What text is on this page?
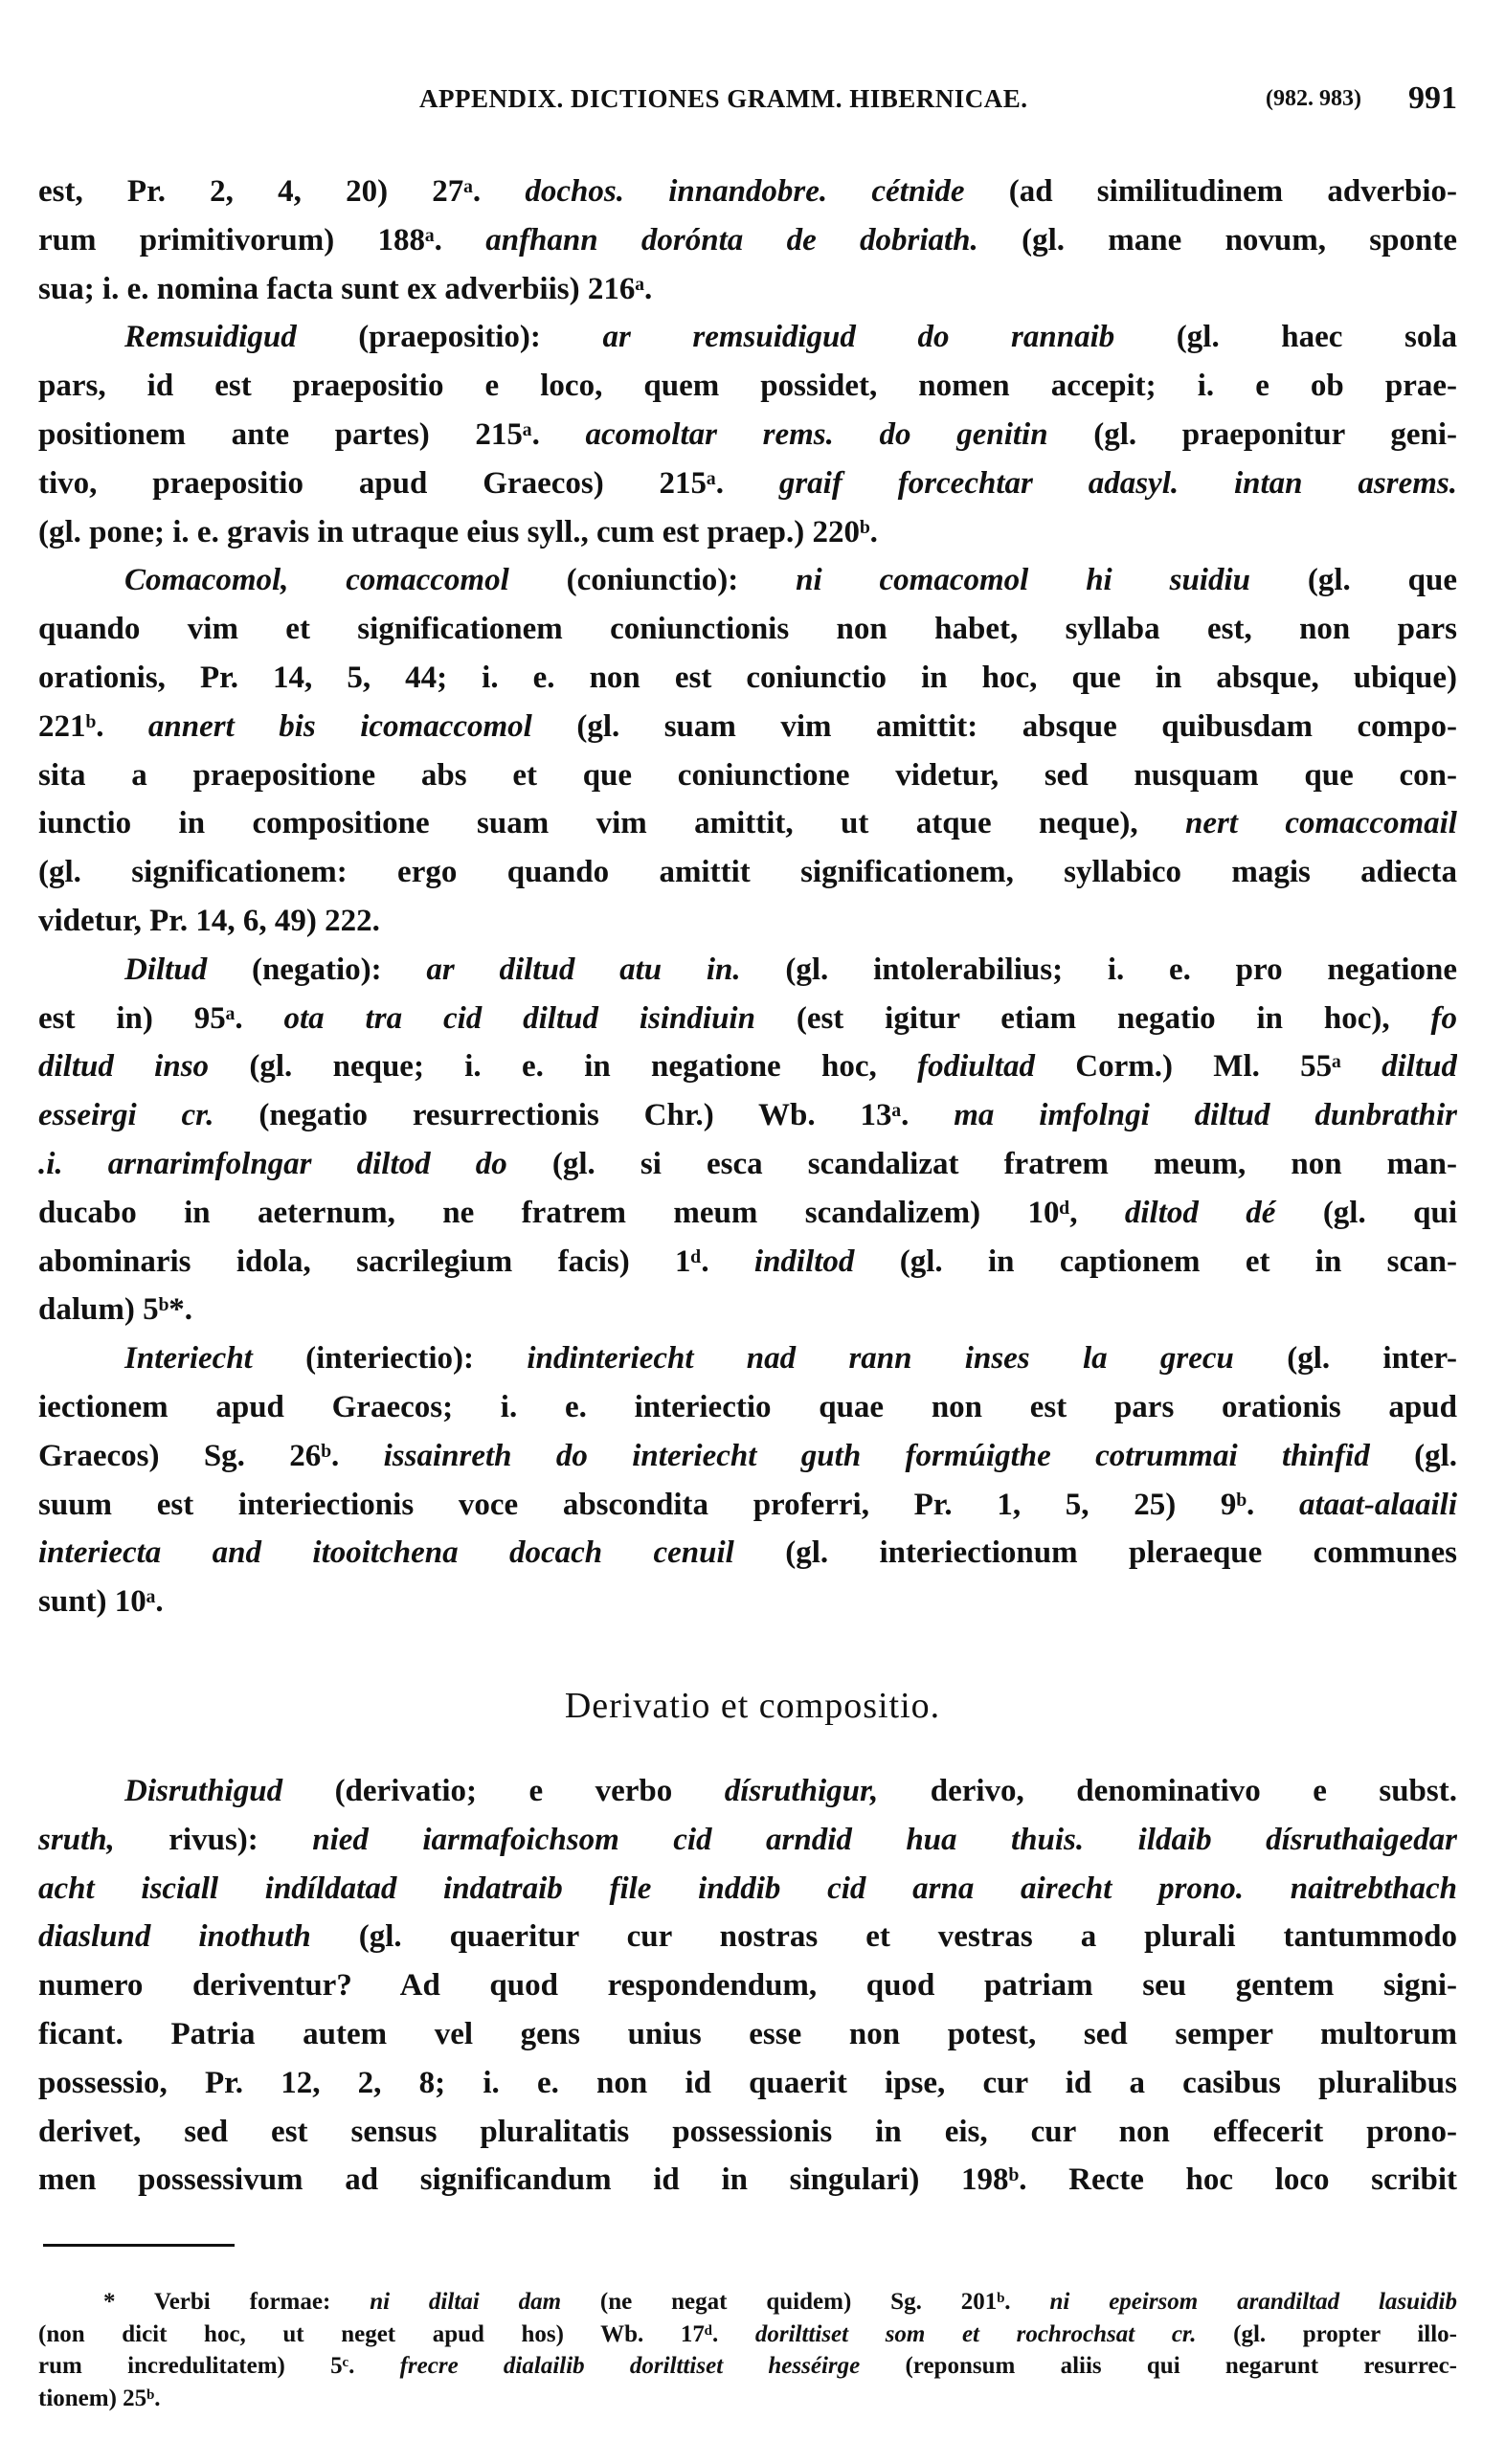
APPENDIX. DICTIONES GRAMM. HIBERNICAE.	(982. 983) 991
est, Pr. 2, 4, 20) 27ᵃ. dochos. innandobre. cétnide (ad similitudinem adverbio-
rum primitivorum) 188ᵃ. anfhann dorónta de dobriath. (gl. mane novum, sponte
sua; i. e. nomina facta sunt ex adverbiis) 216ᵃ.
Remsuidigud (praepositio): ar remsuidigud do rannaib (gl. haec sola
pars, id est praepositio e loco, quem possidet, nomen accepit; i. e ob prae-
positionem ante partes) 215ᵃ. acomoltar rems. do genitin (gl. praeponitur geni-
tivo, praepositio apud Graecos) 215ᵃ. graif forcechtar adasyl. intan asrems.
(gl. pone; i. e. gravis in utraque eius syll., cum est praep.) 220ᵇ.
Comacomol, comaccomol (coniunctio): ni comacomol hi suidiu (gl. que
quando vim et significationem coniunctionis non habet, syllaba est, non pars
orationis, Pr. 14, 5, 44; i. e. non est coniunctio in hoc, que in absque, ubique)
221ᵇ. annert bis icomaccomol (gl. suam vim amittit: absque quibusdam compo-
sita a praepositione abs et que coniunctione videtur, sed nusquam que con-
iunctio in compositione suam vim amittit, ut atque neque), nert comaccomail
(gl. significationem: ergo quando amittit significationem, syllabico magis adiecta
videtur, Pr. 14, 6, 49) 222.
Diltud (negatio): ar diltud atu in. (gl. intolerabilius; i. e. pro negatione
est in) 95ᵃ. ota tra cid diltud isindiuin (est igitur etiam negatio in hoc), fo
diltud inso (gl. neque; i. e. in negatione hoc, fodiultad Corm.) Ml. 55ᵃ diltud
esseirgi cr. (negatio resurrectionis Chr.) Wb. 13ᵃ. ma imfolngi diltud dunbrathir
.i. arnarimfolngar diltod do (gl. si esca scandalizat fratrem meum, non man-
ducabo in aeternum, ne fratrem meum scandalizem) 10ᵈ, diltod dé (gl. qui
abominaris idola, sacrilegium facis) 1ᵈ. indiltod (gl. in captionem et in scan-
dalum) 5ᵇ*.
Interiecht (interiectio): indinteriecht nad rann inses la grecu (gl. inter-
iectionem apud Graecos; i. e. interiectio quae non est pars orationis apud
Graecos) Sg. 26ᵇ. issainreth do interiecht guth formúigthe cotrummai thinfid (gl.
suum est interiectionis voce abscondita proferri, Pr. 1, 5, 25) 9ᵇ. ataat-alaaili
interiecta and itooitchena docach cenuil (gl. interiectionum pleraeque communes
sunt) 10ᵃ.
Derivatio et compositio.
Disruthigud (derivatio; e verbo dísruthigur, derivo, denominativo e subst.
sruth, rivus): nied iarmafoichsom cid arndid hua thuis. ildaib dísruthaigedar
acht isciall indíldatad indatraib file inddib cid arna airecht prono. naitrebthach
diaslund inothuth (gl. quaeritur cur nostras et vestras a plurali tantummodo
numero deriventur? Ad quod respondendum, quod patriam seu gentem signi-
ficant. Patria autem vel gens unius esse non potest, sed semper multorum
possessio, Pr. 12, 2, 8; i. e. non id quaerit ipse, cur id a casibus pluralibus
derivet, sed est sensus pluralitatis possessionis in eis, cur non effecerit prono-
men possessivum ad significandum id in singulari) 198ᵇ. Recte hoc loco scribit
* Verbi formae: ni diltai dam (ne negat quidem) Sg. 201ᵇ. ni epeirsom arandiltad lasuidib
(non dicit hoc, ut neget apud hos) Wb. 17ᵈ. dorilttiset som et rochrochsat cr. (gl. propter illo-
rum incredulitatem) 5ᶜ. frecre dialailib dorilttiset hesséirge (reponsum aliis qui negarunt resurrec-
tionem) 25ᵇ.
